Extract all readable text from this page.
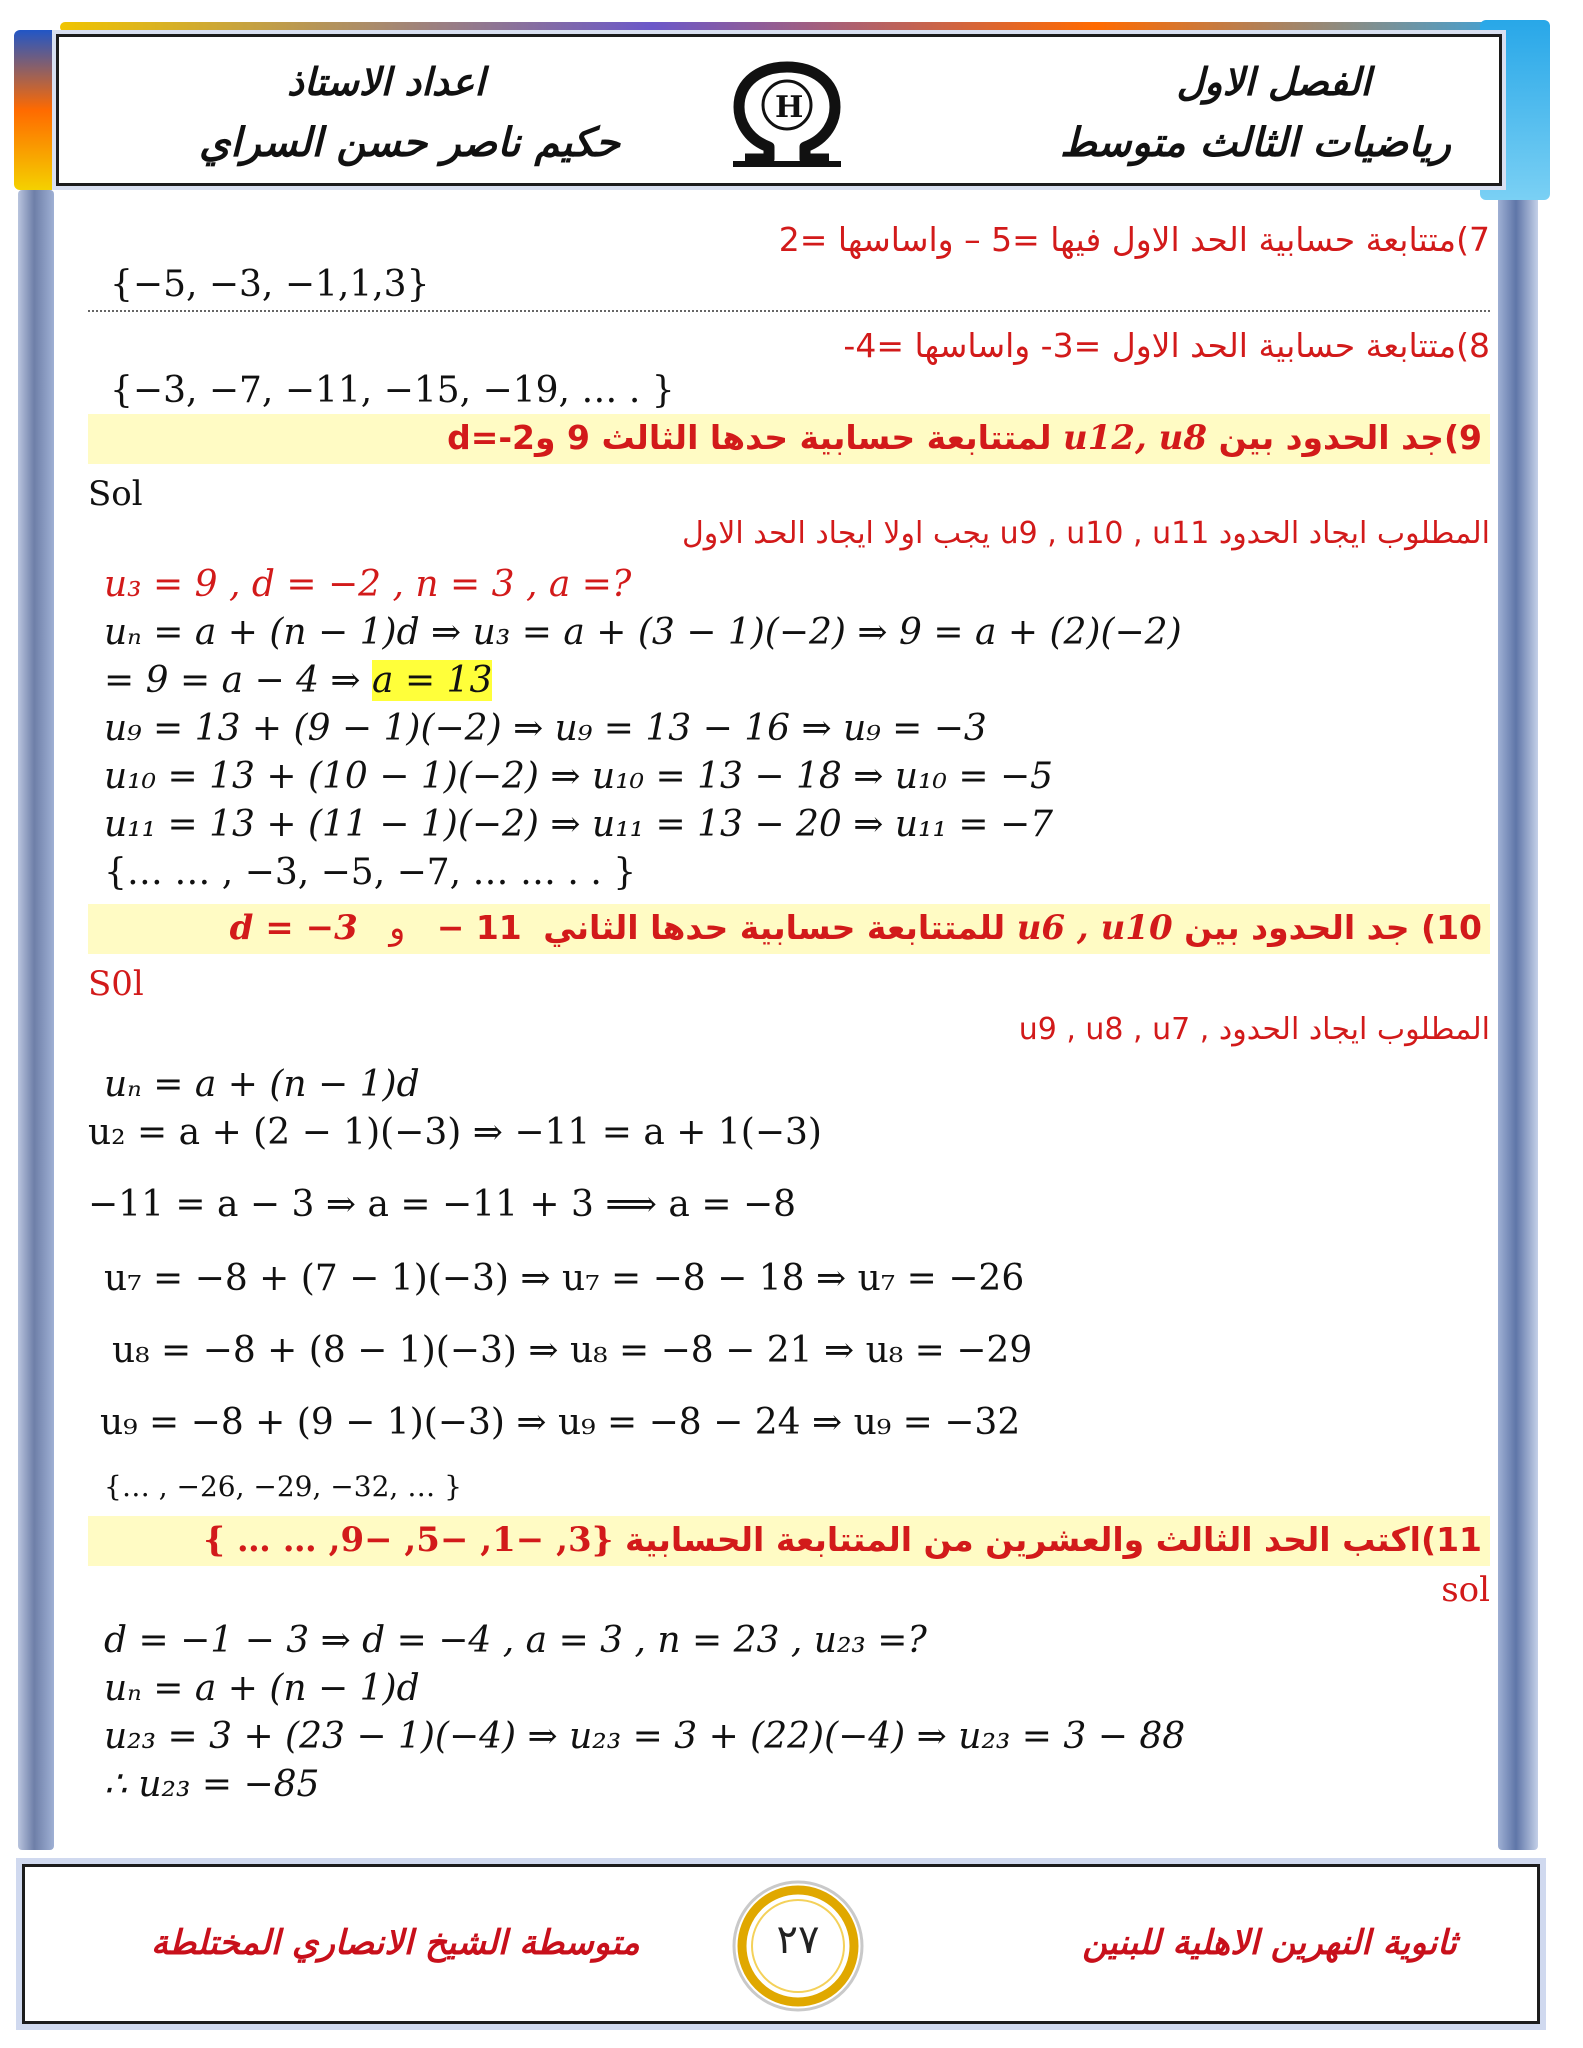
الفصل الاول
رياضيات الثالث متوسط
اعداد الاستاذ
حكيم ناصر حسن السراي
H
7)متتابعة حسابية الحد الاول فيها =5 – واساسها =2
{−5, −3, −1,1,3}
8)متتابعة حسابية الحد الاول =3- واساسها =4-
{−3, −7, −11, −15, −19, … . }
9)جد الحدود بين u12, u8 لمتتابعة حسابية حدها الثالث 9 وd=-2
Sol
المطلوب ايجاد الحدود u9 , u10 , u11 يجب اولا ايجاد الحد الاول
u₃ = 9 , d = −2 , n = 3 , a =?
uₙ = a + (n − 1)d ⇒ u₃ = a + (3 − 1)(−2) ⇒ 9 = a + (2)(−2)
= 9 = a − 4 ⇒ a = 13
u₉ = 13 + (9 − 1)(−2) ⇒ u₉ = 13 − 16 ⇒ u₉ = −3
u₁₀ = 13 + (10 − 1)(−2) ⇒ u₁₀ = 13 − 18 ⇒ u₁₀ = −5
u₁₁ = 13 + (11 − 1)(−2) ⇒ u₁₁ = 13 − 20 ⇒ u₁₁ = −7
{… … , −3, −5, −7, … … . . }
10) جد الحدود بين u6 , u10 للمتتابعة حسابية حدها الثاني 11 − و d = −3
S0l
المطلوب ايجاد الحدود , u9 , u8 , u7
uₙ = a + (n − 1)d
u₂ = a + (2 − 1)(−3) ⇒ −11 = a + 1(−3)
−11 = a − 3 ⇒ a = −11 + 3 ⟹ a = −8
u₇ = −8 + (7 − 1)(−3) ⇒ u₇ = −8 − 18 ⇒ u₇ = −26
u₈ = −8 + (8 − 1)(−3) ⇒ u₈ = −8 − 21 ⇒ u₈ = −29
u₉ = −8 + (9 − 1)(−3) ⇒ u₉ = −8 − 24 ⇒ u₉ = −32
{… , −26, −29, −32, … }
11)اكتب الحد الثالث والعشرين من المتتابعة الحسابية {3, −1, −5, −9, … … }
sol
d = −1 − 3 ⇒ d = −4 , a = 3 , n = 23 , u₂₃ =?
uₙ = a + (n − 1)d
u₂₃ = 3 + (23 − 1)(−4) ⇒ u₂₃ = 3 + (22)(−4) ⇒ u₂₃ = 3 − 88
∴ u₂₃ = −85
ثانوية النهرين الاهلية للبنين
متوسطة الشيخ الانصاري المختلطة	٢٧
